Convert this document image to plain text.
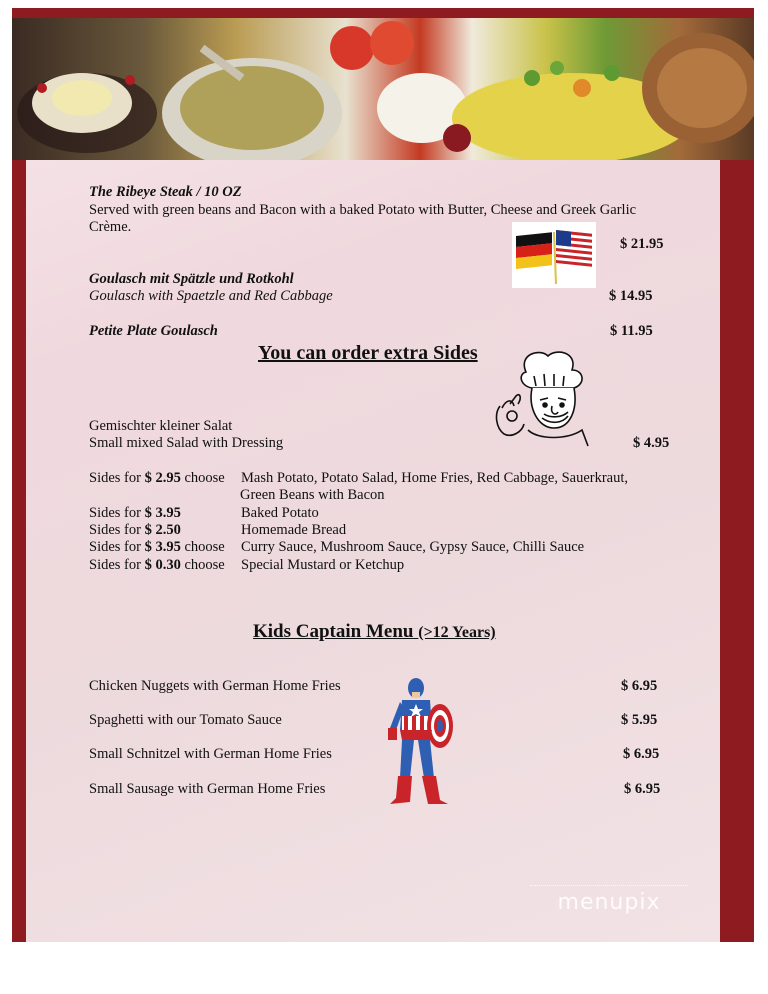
The Ribeye Steak / 10 OZ
Served with green beans and Bacon with a baked Potato with Butter, Cheese and Greek Garlic
Crème.
$ 21.95
Goulasch mit Spätzle und Rotkohl
Goulasch with Spaetzle and Red Cabbage	$ 14.95
Petite Plate Goulasch	$ 11.95
You can order extra Sides
Gemischter kleiner Salat
Small mixed Salad with Dressing	$ 4.95
Sides for $ 2.95 choose Mash Potato, Potato Salad, Home Fries, Red Cabbage, Sauerkraut,
Green Beans with Bacon
Sides for $ 3.95	Baked Potato
Sides for $ 2.50	Homemade Bread
Sides for $ 3.95 choose Curry Sauce, Mushroom Sauce, Gypsy Sauce, Chilli Sauce
Sides for $ 0.30 choose Special Mustard or Ketchup
Kids Captain Menu (>12 Years)
Chicken Nuggets with German Home Fries	$ 6.95
Spaghetti with our Tomato Sauce	$ 5.95
Small Schnitzel with German Home Fries	$ 6.95
Small Sausage with German Home Fries	$ 6.95
menupix
